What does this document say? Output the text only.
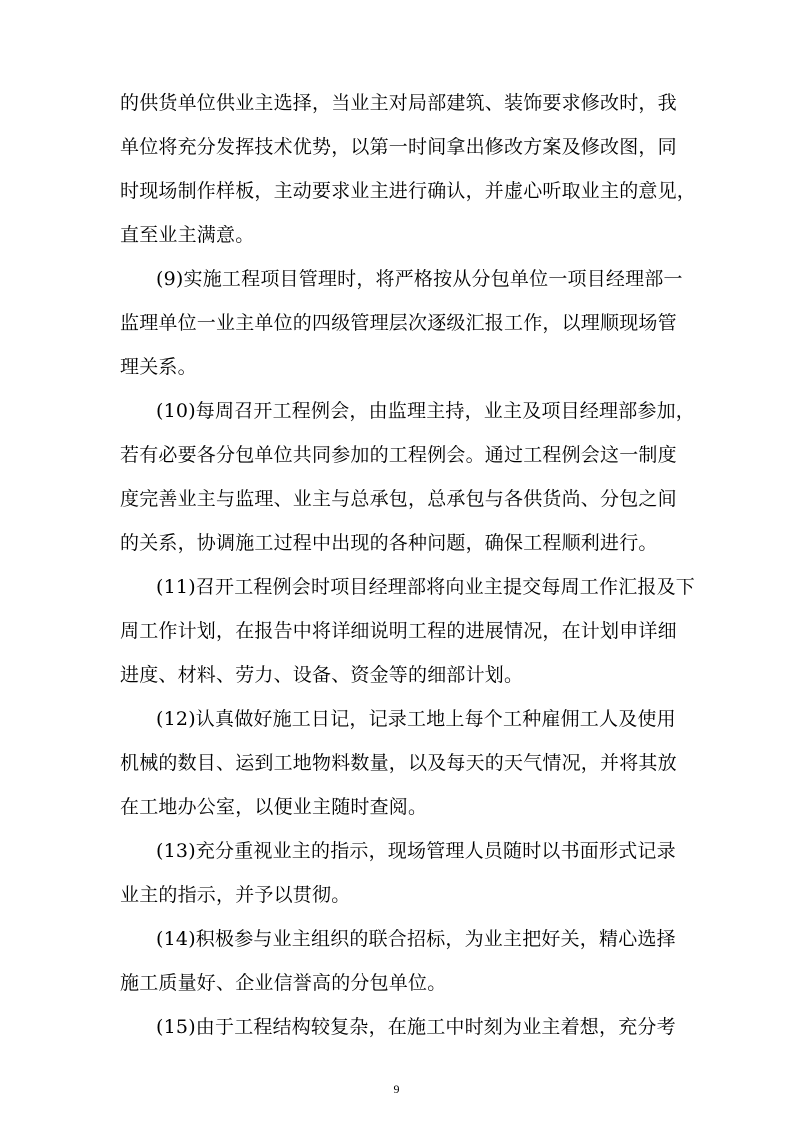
的供货单位供业主选择，当业主对局部建筑、装饰要求修改时，我
单位将充分发挥技术优势，以第一时间拿出修改方案及修改图，同
时现场制作样板，主动要求业主进行确认，并虚心听取业主的意见，
直至业主满意。
(9)实施工程项目管理时，将严格按从分包单位一项目经理部一
监理单位一业主单位的四级管理层次逐级汇报工作，以理顺现场管
理关系。
(10)每周召开工程例会，由监理主持，业主及项目经理部参加，
若有必要各分包单位共同参加的工程例会。通过工程例会这一制度
度完善业主与监理、业主与总承包，总承包与各供货尚、分包之间
的关系，协调施工过程中出现的各种问题，确保工程顺利进行。
(11)召开工程例会时项目经理部将向业主提交每周工作汇报及下
周工作计划，在报告中将详细说明工程的进展情况，在计划申详细
进度、材料、劳力、设备、资金等的细部计划。
(12)认真做好施工日记，记录工地上每个工种雇佣工人及使用
机械的数目、运到工地物料数量，以及每天的天气情况，并将其放
在工地办公室，以便业主随时查阅。
(13)充分重视业主的指示，现场管理人员随时以书面形式记录
业主的指示，并予以贯彻。
(14)积极参与业主组织的联合招标，为业主把好关，精心选择
施工质量好、企业信誉高的分包单位。
(15)由于工程结构较复杂，在施工中时刻为业主着想，充分考
9
